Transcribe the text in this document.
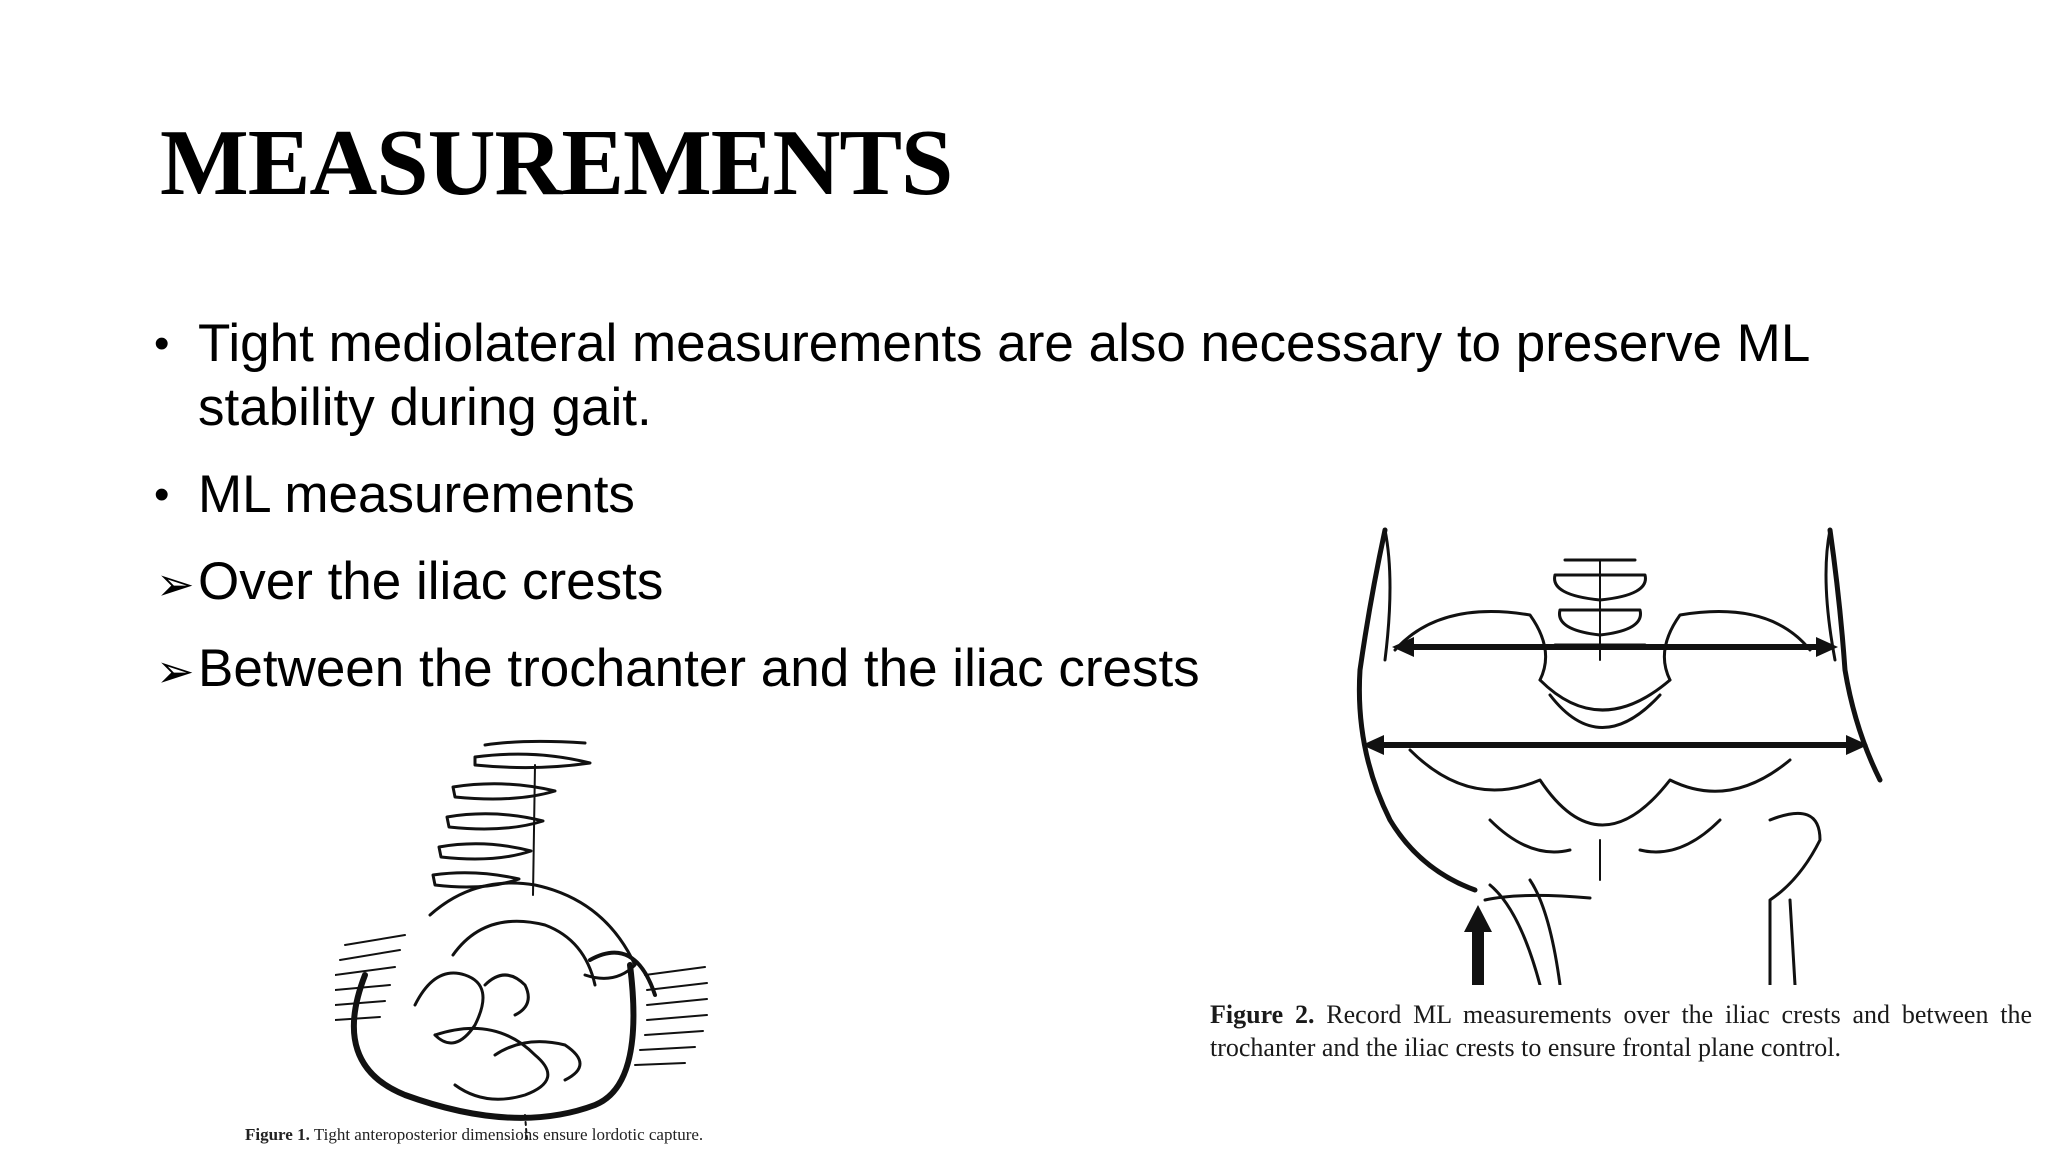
MEASUREMENTS
• Tight mediolateral measurements are also necessary to preserve ML stability during gait.
• ML measurements
➢ Over the iliac crests
➢ Between the trochanter and the iliac crests
Figure 1. Tight anteroposterior dimensions ensure lordotic capture.
Figure 2. Record ML measurements over the iliac crests and between the trochanter and the iliac crests to ensure frontal plane control.
